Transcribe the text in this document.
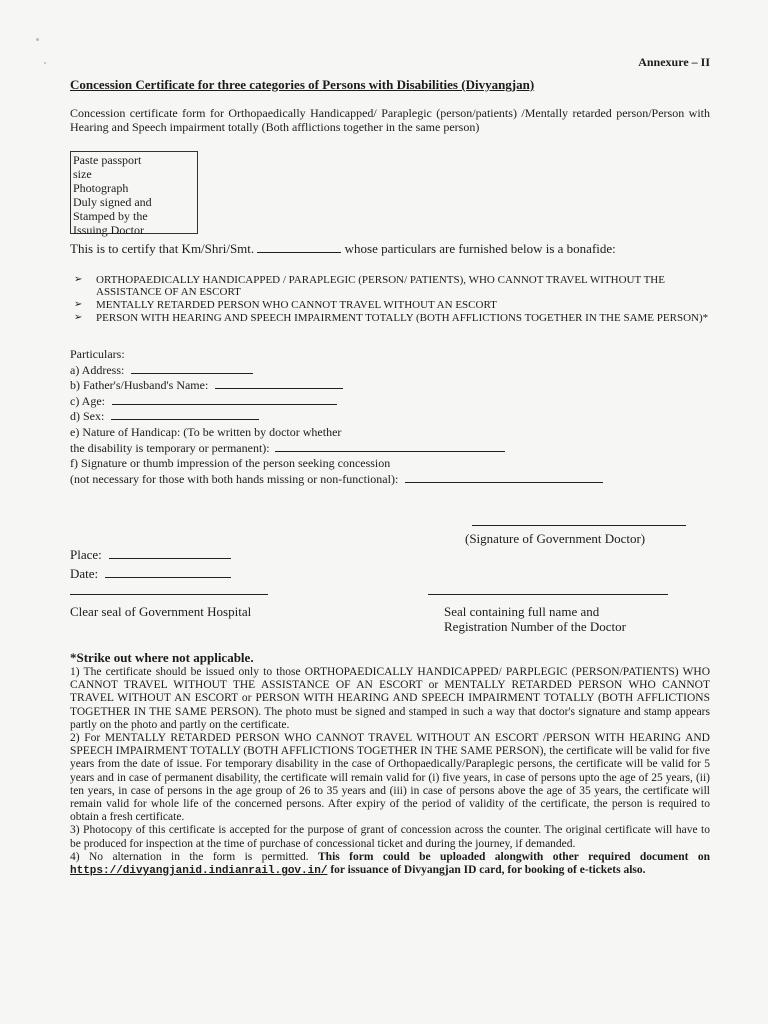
Annexure – II
Concession Certificate for three categories of Persons with Disabilities (Divyangjan)
Concession certificate form for Orthopaedically Handicapped/ Paraplegic (person/patients) /Mentally retarded person/Person with Hearing and Speech impairment totally (Both afflictions together in the same person)
Paste passport
size
Photograph
Duly signed and
Stamped by the
Issuing Doctor
This is to certify that Km/Shri/Smt.	whose particulars are furnished below is a bonafide:
➢ ORTHOPAEDICALLY HANDICAPPED / PARAPLEGIC (PERSON/ PATIENTS), WHO CANNOT TRAVEL WITHOUT THE ASSISTANCE OF AN ESCORT
➢ MENTALLY RETARDED PERSON WHO CANNOT TRAVEL WITHOUT AN ESCORT
➢ PERSON WITH HEARING AND SPEECH IMPAIRMENT TOTALLY (BOTH AFFLICTIONS TOGETHER IN THE SAME PERSON)*
Particulars:
a) Address:
b) Father's/Husband's Name:
c) Age:
d) Sex:
e) Nature of Handicap: (To be written by doctor whether
the disability is temporary or permanent):
f) Signature or thumb impression of the person seeking concession
(not necessary for those with both hands missing or non-functional):
(Signature of Government Doctor)
Place:
Date:
Clear seal of Government Hospital	Seal containing full name and
Registration Number of the Doctor
*Strike out where not applicable.

1) The certificate should be issued only to those ORTHOPAEDICALLY HANDICAPPED/ PARPLEGIC (PERSON/PATIENTS) WHO CANNOT TRAVEL WITHOUT THE ASSISTANCE OF AN ESCORT or MENTALLY RETARDED PERSON WHO CANNOT TRAVEL WITHOUT AN ESCORT or PERSON WITH HEARING AND SPEECH IMPAIRMENT TOTALLY (BOTH AFFLICTIONS TOGETHER IN THE SAME PERSON). The photo must be signed and stamped in such a way that doctor's signature and stamp appears partly on the photo and partly on the certificate.

2) For MENTALLY RETARDED PERSON WHO CANNOT TRAVEL WITHOUT AN ESCORT /PERSON WITH HEARING AND SPEECH IMPAIRMENT TOTALLY (BOTH AFFLICTIONS TOGETHER IN THE SAME PERSON), the certificate will be valid for five years from the date of issue. For temporary disability in the case of Orthopaedically/Paraplegic persons, the certificate will be valid for 5 years and in case of permanent disability, the certificate will remain valid for (i) five years, in case of persons upto the age of 25 years, (ii) ten years, in case of persons in the age group of 26 to 35 years and (iii) in case of persons above the age of 35 years, the certificate will remain valid for whole life of the concerned persons. After expiry of the period of validity of the certificate, the person is required to obtain a fresh certificate.

3) Photocopy of this certificate is accepted for the purpose of grant of concession across the counter. The original certificate will have to be produced for inspection at the time of purchase of concessional ticket and during the journey, if demanded.

4) No alternation in the form is permitted. This form could be uploaded alongwith other required document on https://divyangjanid.indianrail.gov.in/ for issuance of Divyangjan ID card, for booking of e-tickets also.
